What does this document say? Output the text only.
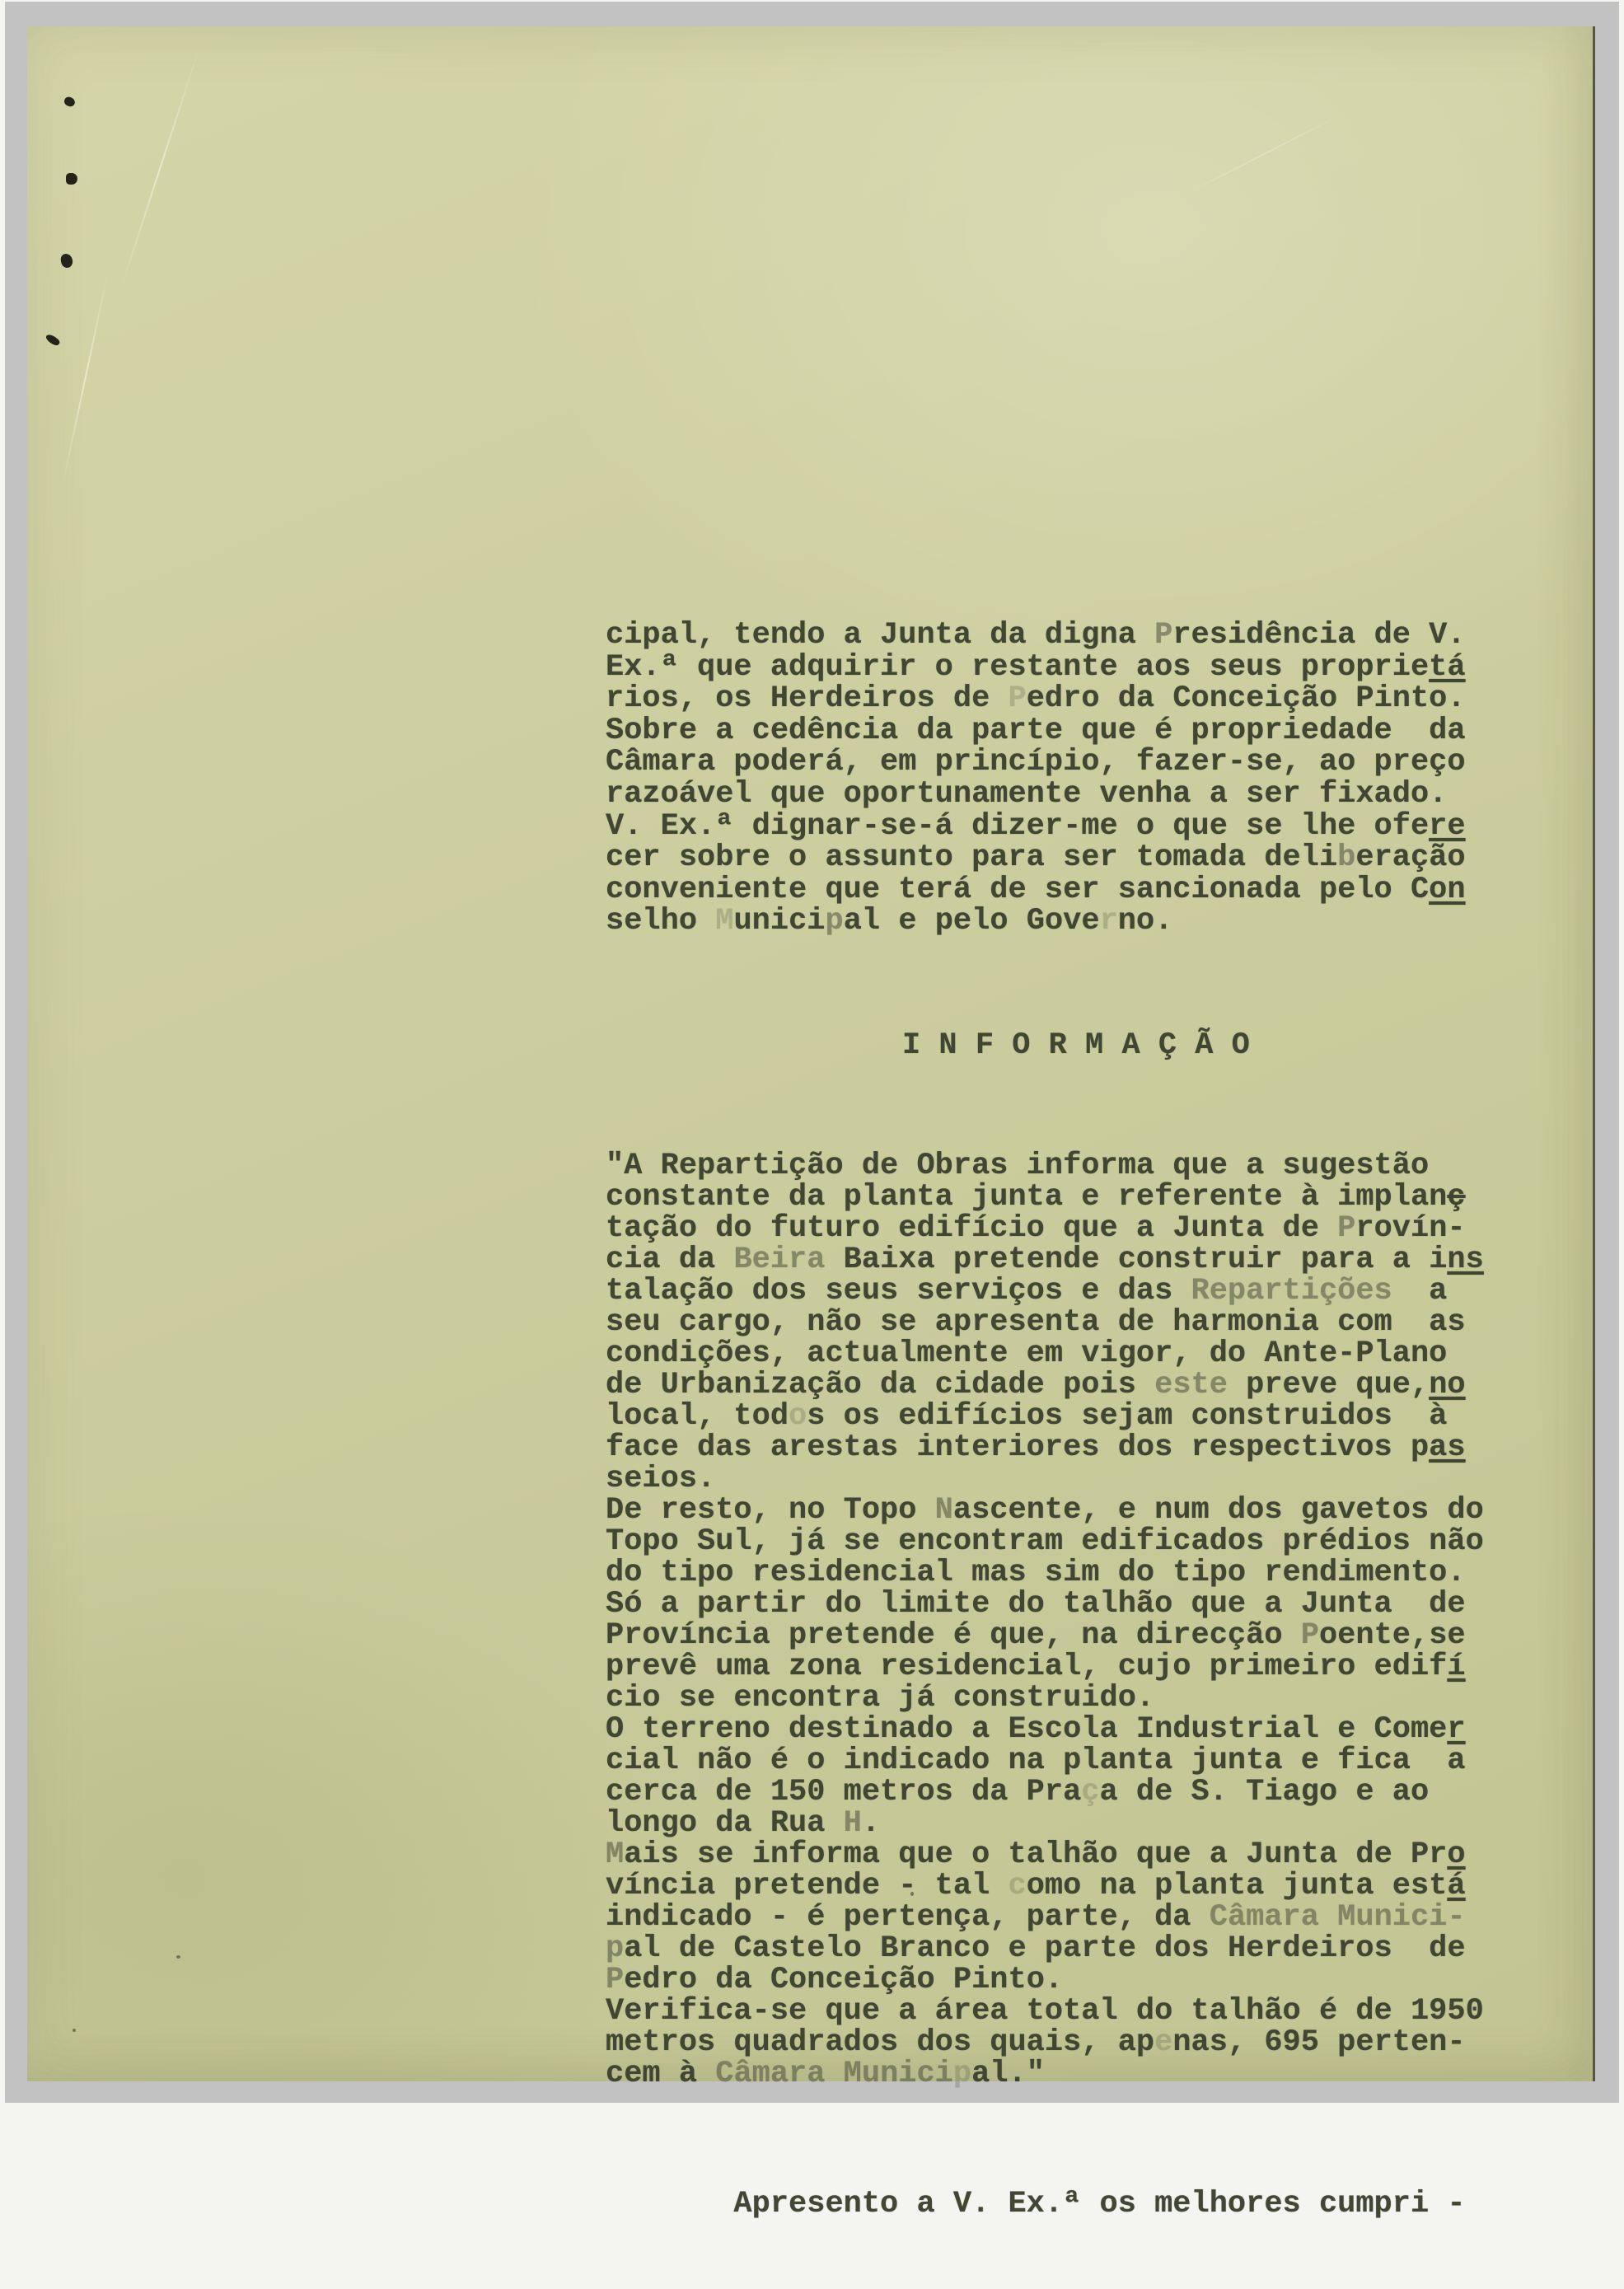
cipal, tendo a Junta da digna Presidência de V.
Ex.ª que adquirir o restante aos seus proprietá
rios, os Herdeiros de Pedro da Conceição Pinto.
Sobre a cedência da parte que é propriedade  da
Câmara poderá, em princípio, fazer-se, ao preço
razoável que oportunamente venha a ser fixado.
V. Ex.ª dignar-se-á dizer-me o que se lhe ofere
cer sobre o assunto para ser tomada deliberação
conveniente que terá de ser sancionada pelo Con
selho Municipal e pelo Governo.

I N F O R M A Ç Ã O

"A Repartição de Obras informa que a sugestão
constante da planta junta e referente à implanç
tação do futuro edifício que a Junta de Provín-
cia da Beira Baixa pretende construir para a ins
talação dos seus serviços e das Repartições  a
seu cargo, não se apresenta de harmonia com  as
condições, actualmente em vigor, do Ante-Plano
de Urbanização da cidade pois este preve que,no
local, todos os edifícios sejam construidos  à
face das arestas interiores dos respectivos pas
seios.
De resto, no Topo Nascente, e num dos gavetos do
Topo Sul, já se encontram edificados prédios não
do tipo residencial mas sim do tipo rendimento.
Só a partir do limite do talhão que a Junta  de
Província pretende é que, na direcção Poente,se
prevê uma zona residencial, cujo primeiro edifí
cio se encontra já construido.
O terreno destinado a Escola Industrial e Comer
cial não é o indicado na planta junta e fica  a
cerca de 150 metros da Praça de S. Tiago e ao
longo da Rua H.
Mais se informa que o talhão que a Junta de Pro
víncia pretende - tal como na planta junta está
indicado - é pertença, parte, da Câmara Munici-
pal de Castelo Branco e parte dos Herdeiros  de
Pedro da Conceição Pinto.
Verifica-se que a área total do talhão é de 1950
metros quadrados dos quais, apenas, 695 perten-
cem à Câmara Municipal."

Apresento a V. Ex.ª os melhores cumpri -
